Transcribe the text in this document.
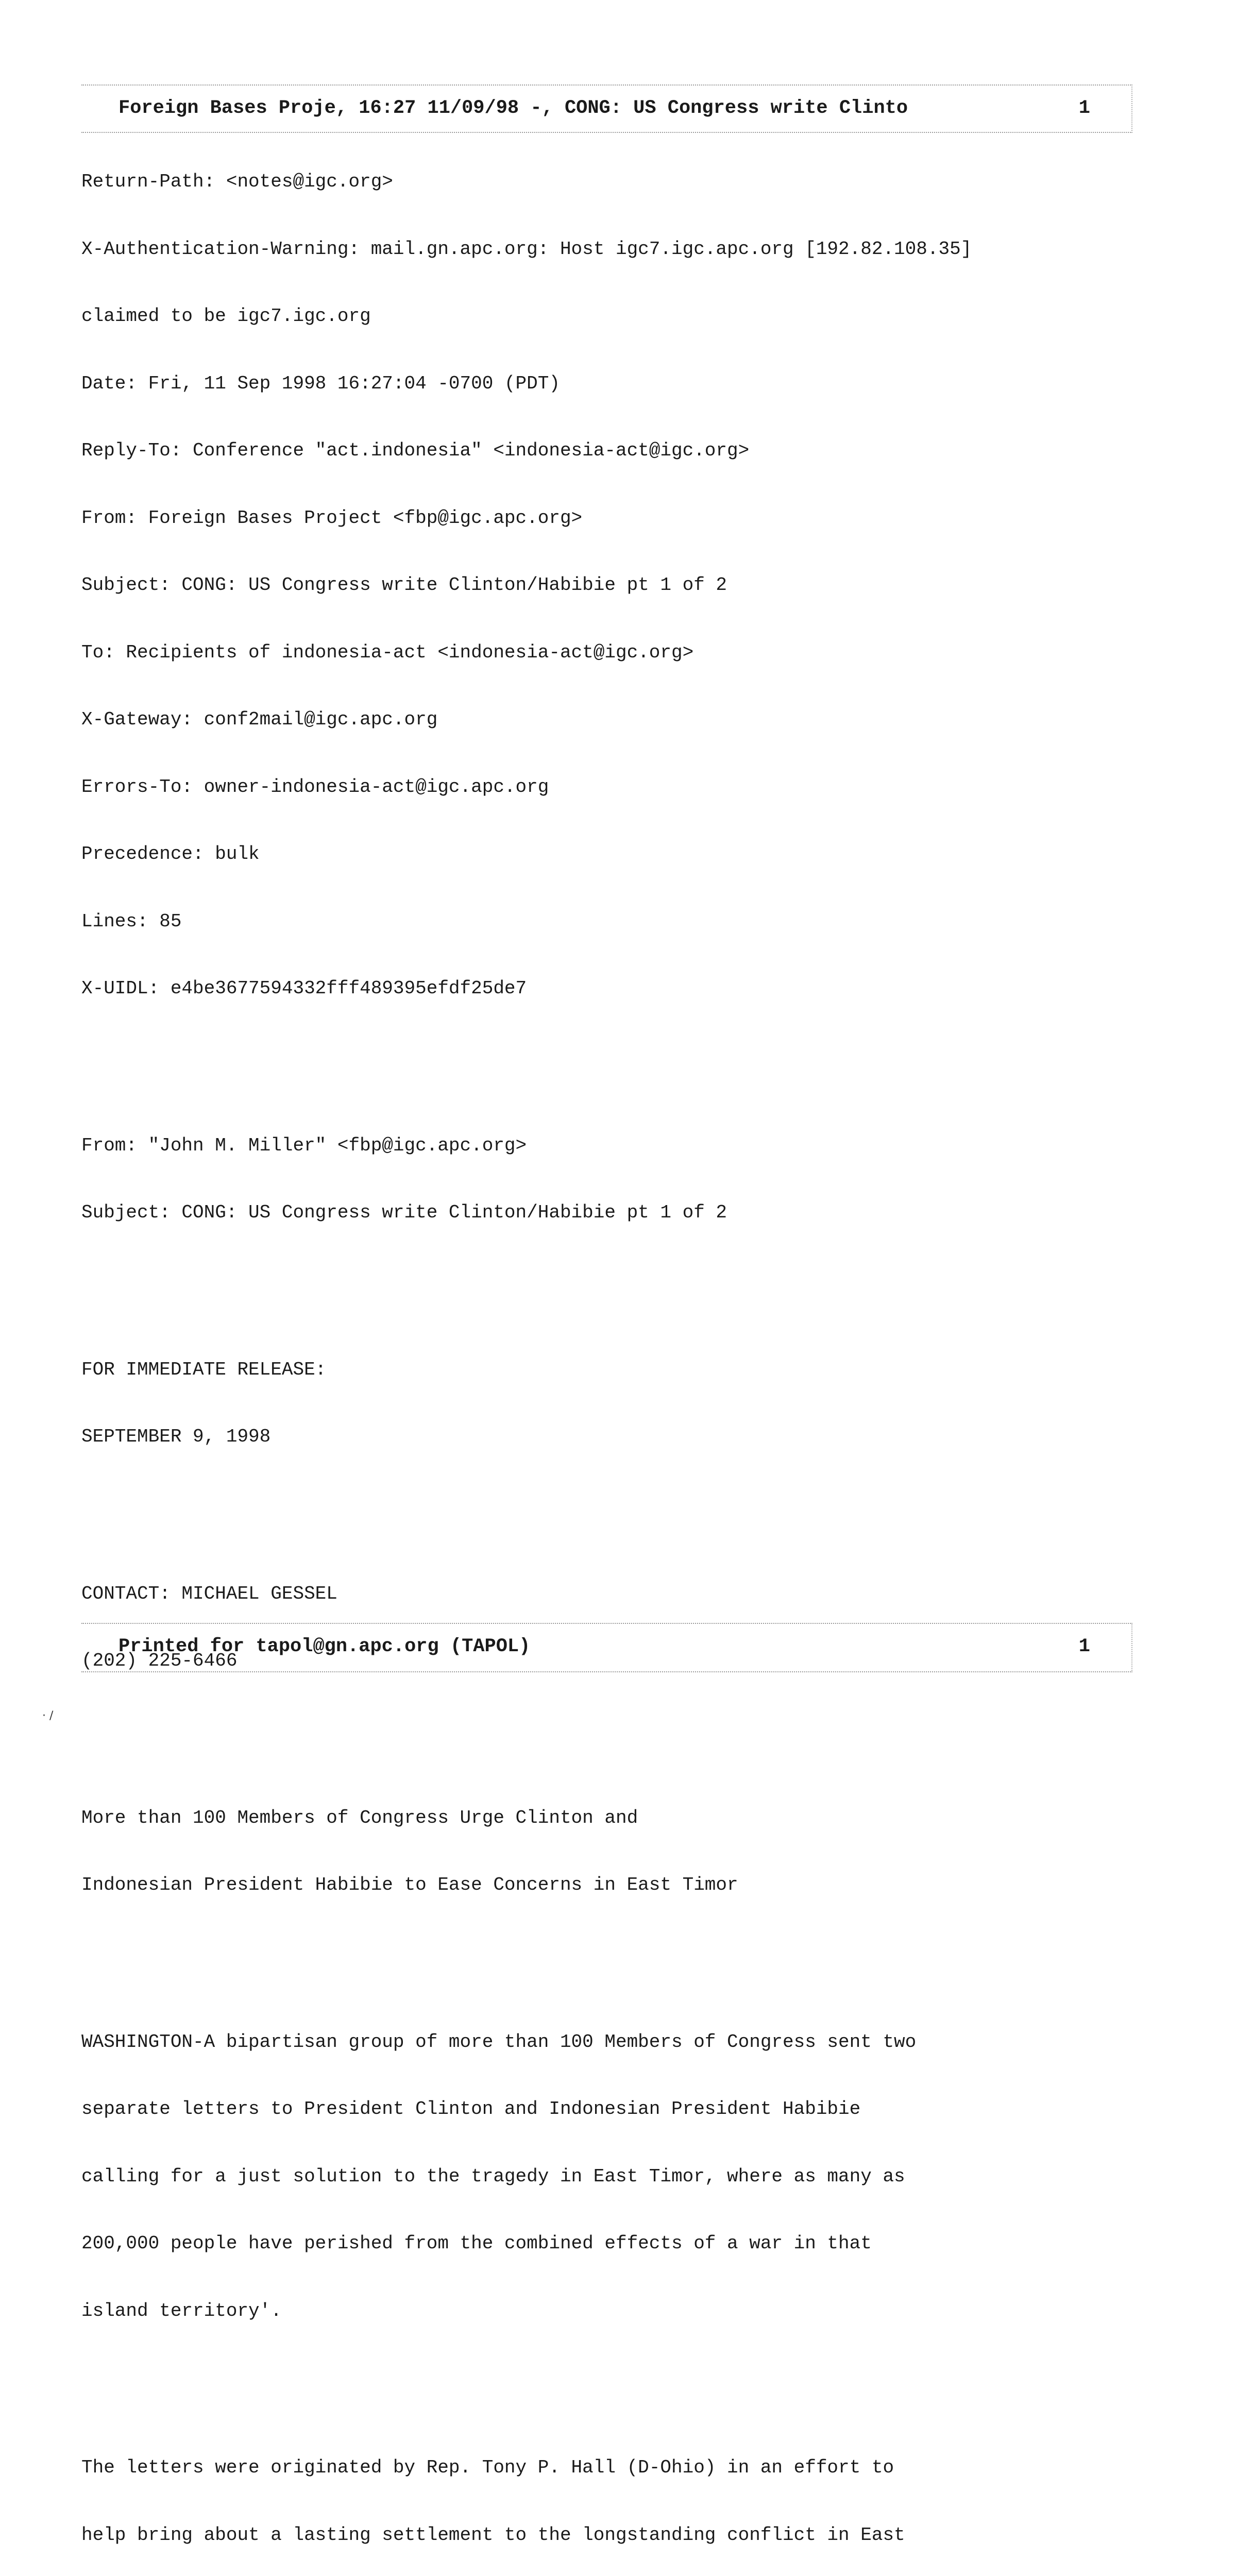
Foreign Bases Proje, 16:27 11/09/98 -, CONG: US Congress write Clinto	1

Return-Path: <notes@igc.org>

X-Authentication-Warning: mail.gn.apc.org: Host igc7.igc.apc.org [192.82.108.35]

claimed to be igc7.igc.org

Date: Fri, 11 Sep 1998 16:27:04 -0700 (PDT)

Reply-To: Conference "act.indonesia" <indonesia-act@igc.org>

From: Foreign Bases Project <fbp@igc.apc.org>

Subject: CONG: US Congress write Clinton/Habibie pt 1 of 2

To: Recipients of indonesia-act <indonesia-act@igc.org>

X-Gateway: conf2mail@igc.apc.org

Errors-To: owner-indonesia-act@igc.apc.org

Precedence: bulk

Lines: 85

X-UIDL: e4be3677594332fff489395efdf25de7

From: "John M. Miller" <fbp@igc.apc.org>

Subject: CONG: US Congress write Clinton/Habibie pt 1 of 2

FOR IMMEDIATE RELEASE:

SEPTEMBER 9, 1998

CONTACT: MICHAEL GESSEL

(202) 225-6466

More than 100 Members of Congress Urge Clinton and

Indonesian President Habibie to Ease Concerns in East Timor

WASHINGTON-A bipartisan group of more than 100 Members of Congress sent two

separate letters to President Clinton and Indonesian President Habibie

calling for a just solution to the tragedy in East Timor, where as many as

200,000 people have perished from the combined effects of a war in that

island territory'.

The letters were originated by Rep. Tony P. Hall (D-Ohio) in an effort to

help bring about a lasting settlement to the longstanding conflict in East

Printed for tapol@gn.apc.org (TAPOL)	1
· /
